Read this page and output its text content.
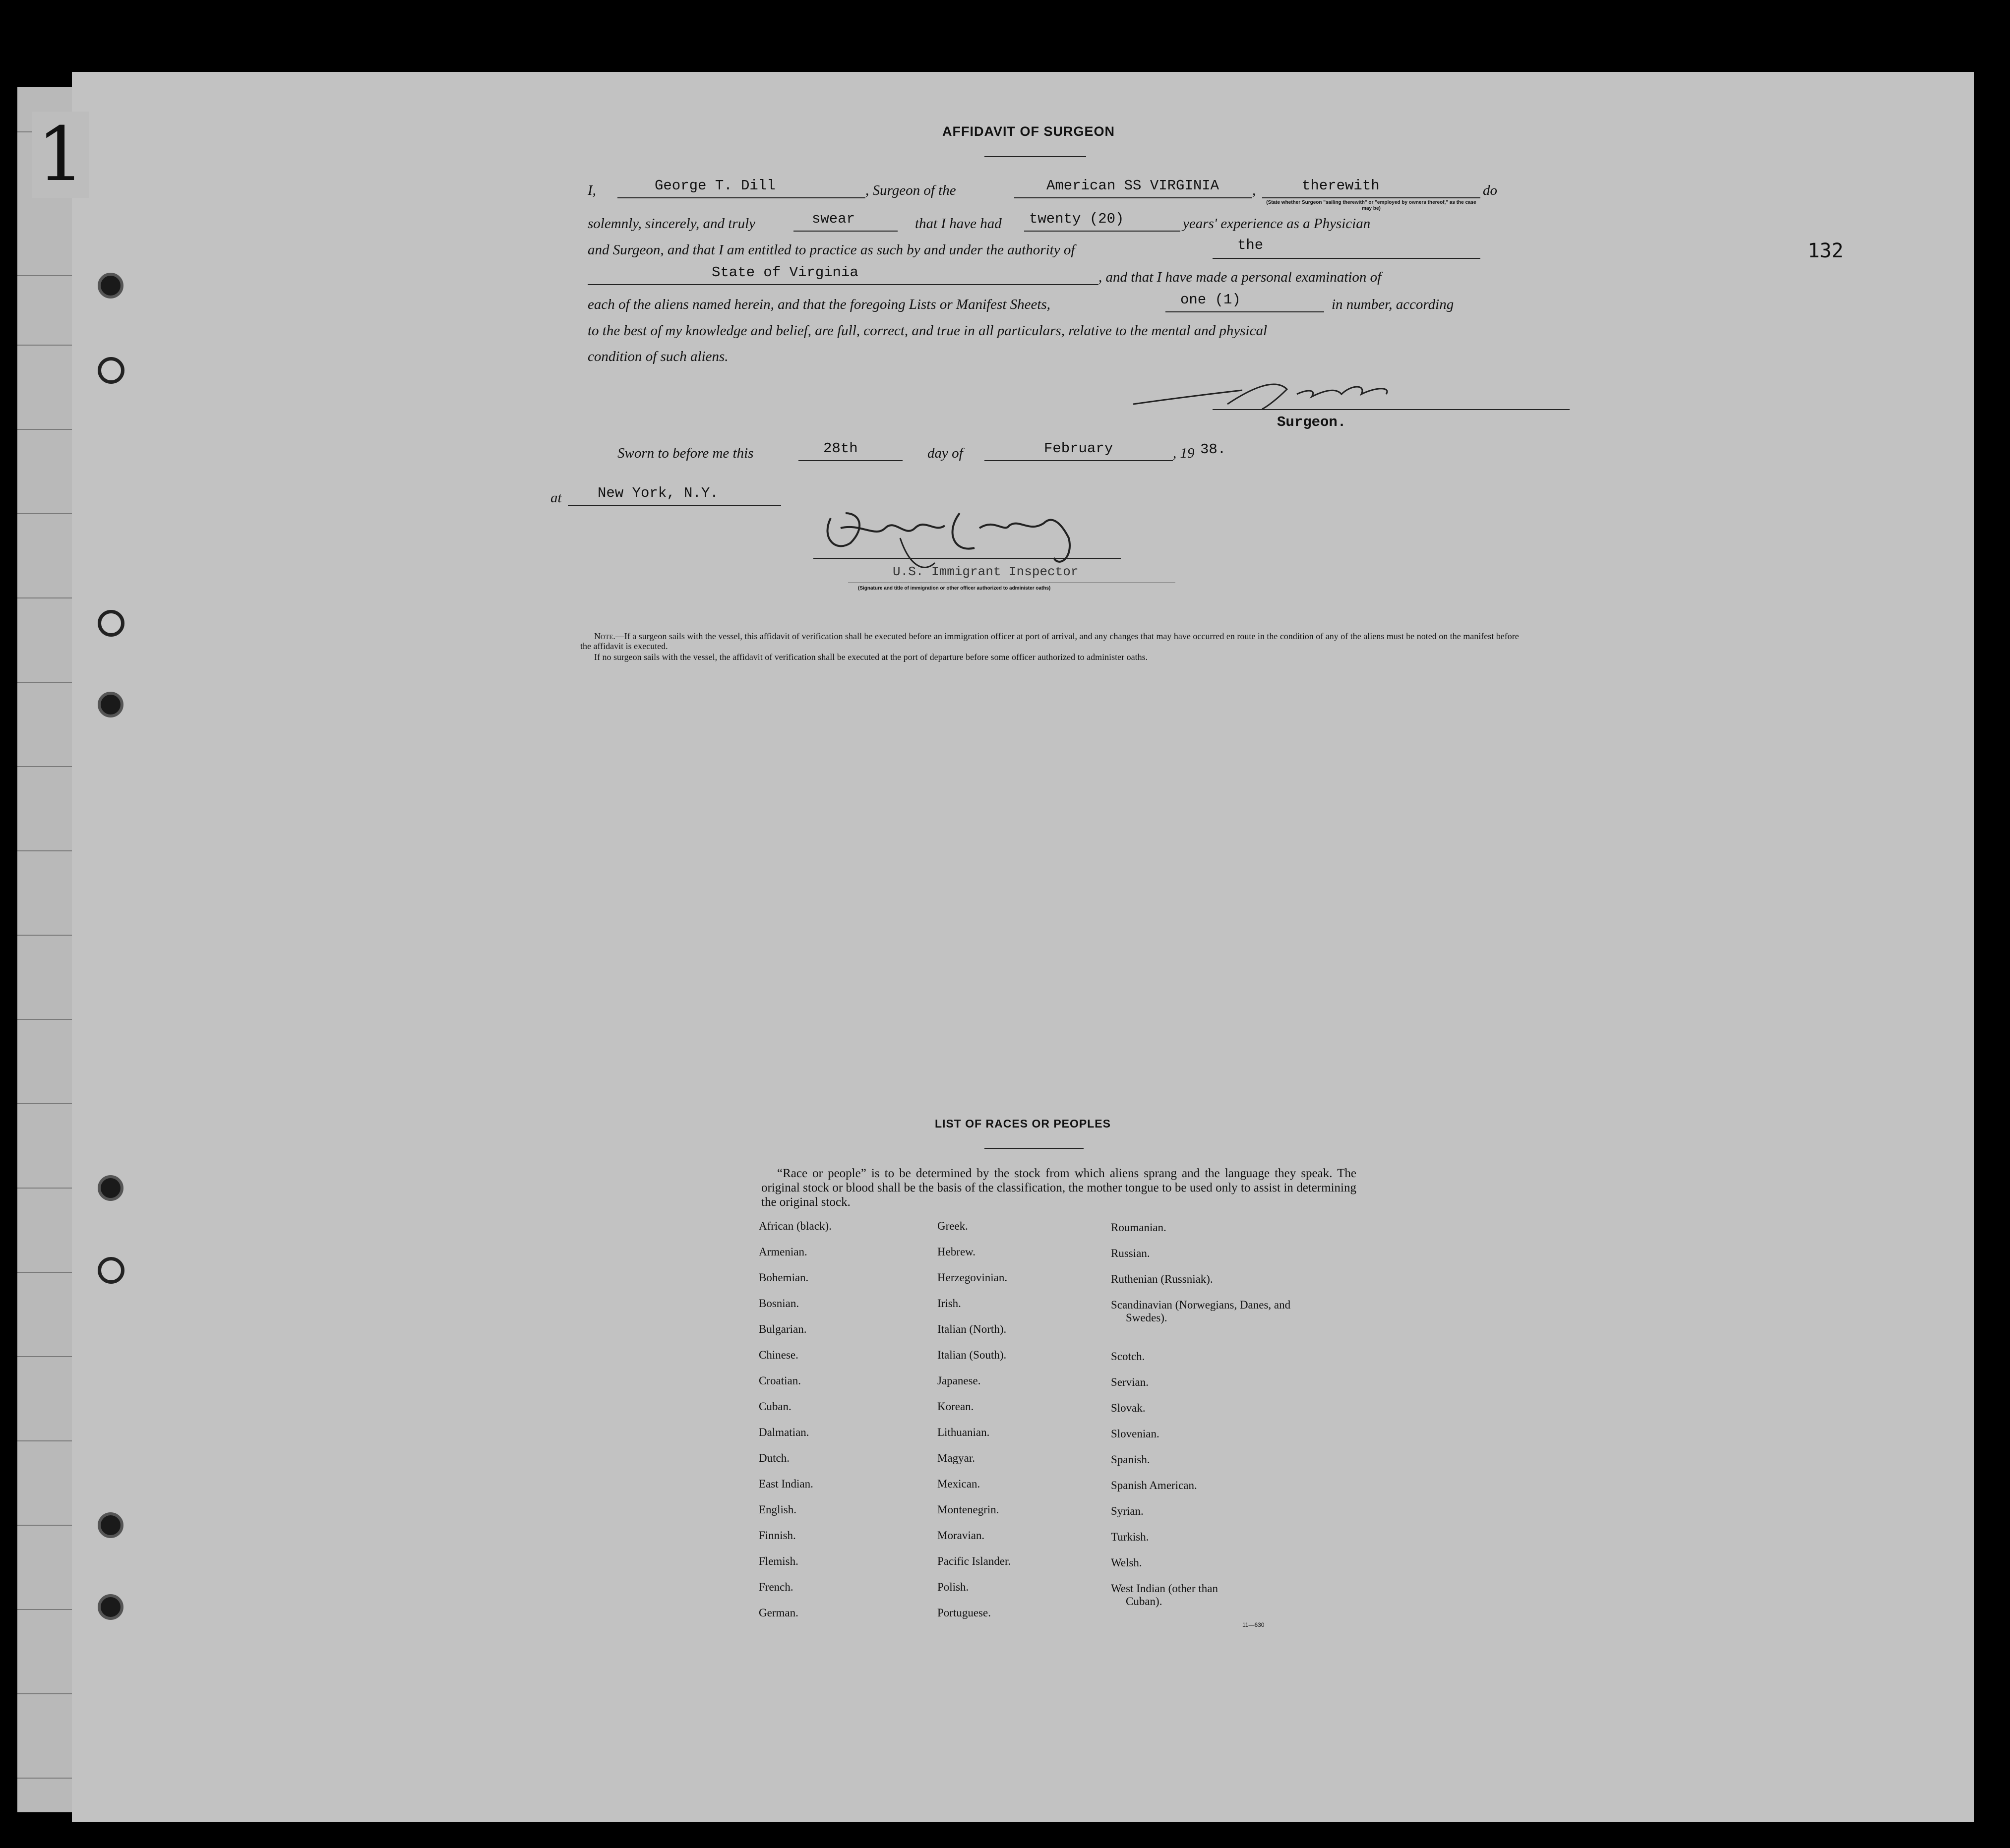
1
132
AFFIDAVIT OF SURGEON
I,	George T. Dill	, Surgeon of the	American SS VIRGINIA ,	therewith	do
(State whether Surgeon "sailing therewith" or "employed by owners thereof," as the case may be)
solemnly, sincerely, and truly	swear	that I have had twenty (20)	years' experience as a Physician
and Surgeon, and that I am entitled to practice as such by and under the authority of	the
State of Virginia	, and that I have made a personal examination of
each of the aliens named herein, and that the foregoing Lists or Manifest Sheets,	one (1)	in number, according
to the best of my knowledge and belief, are full, correct, and true in all particulars, relative to the mental and physical
condition of such aliens.
Surgeon.
Sworn to before me this	28th	day of	February	, 19 38.
at New York, N.Y.
U.S. Immigrant Inspector
(Signature and title of immigration or other officer authorized to administer oaths)
Note.—If a surgeon sails with the vessel, this affidavit of verification shall be executed before an immigration officer at port of arrival, and any changes that may have occurred en route in the condition of any of the aliens must be noted on the manifest before the affidavit is executed.
If no surgeon sails with the vessel, the affidavit of verification shall be executed at the port of departure before some officer authorized to administer oaths.
LIST OF RACES OR PEOPLES
“Race or people” is to be determined by the stock from which aliens sprang and the language they speak. The original stock or blood shall be the basis of the classification, the mother tongue to be used only to assist in determining the original stock.
African (black).
Armenian.
Bohemian.
Bosnian.
Bulgarian.
Chinese.
Croatian.
Cuban.
Dalmatian.
Dutch.
East Indian.
English.
Finnish.
Flemish.
French.
German.
Greek.
Hebrew.
Herzegovinian.
Irish.
Italian (North).
Italian (South).
Japanese.
Korean.
Lithuanian.
Magyar.
Mexican.
Montenegrin.
Moravian.
Pacific Islander.
Polish.
Portuguese.
Roumanian.
Russian.
Ruthenian (Russniak).
Scandinavian (Norwegians, Danes, and Swedes).
Scotch.
Servian.
Slovak.
Slovenian.
Spanish.
Spanish American.
Syrian.
Turkish.
Welsh.
West Indian (other than Cuban).
11—630
